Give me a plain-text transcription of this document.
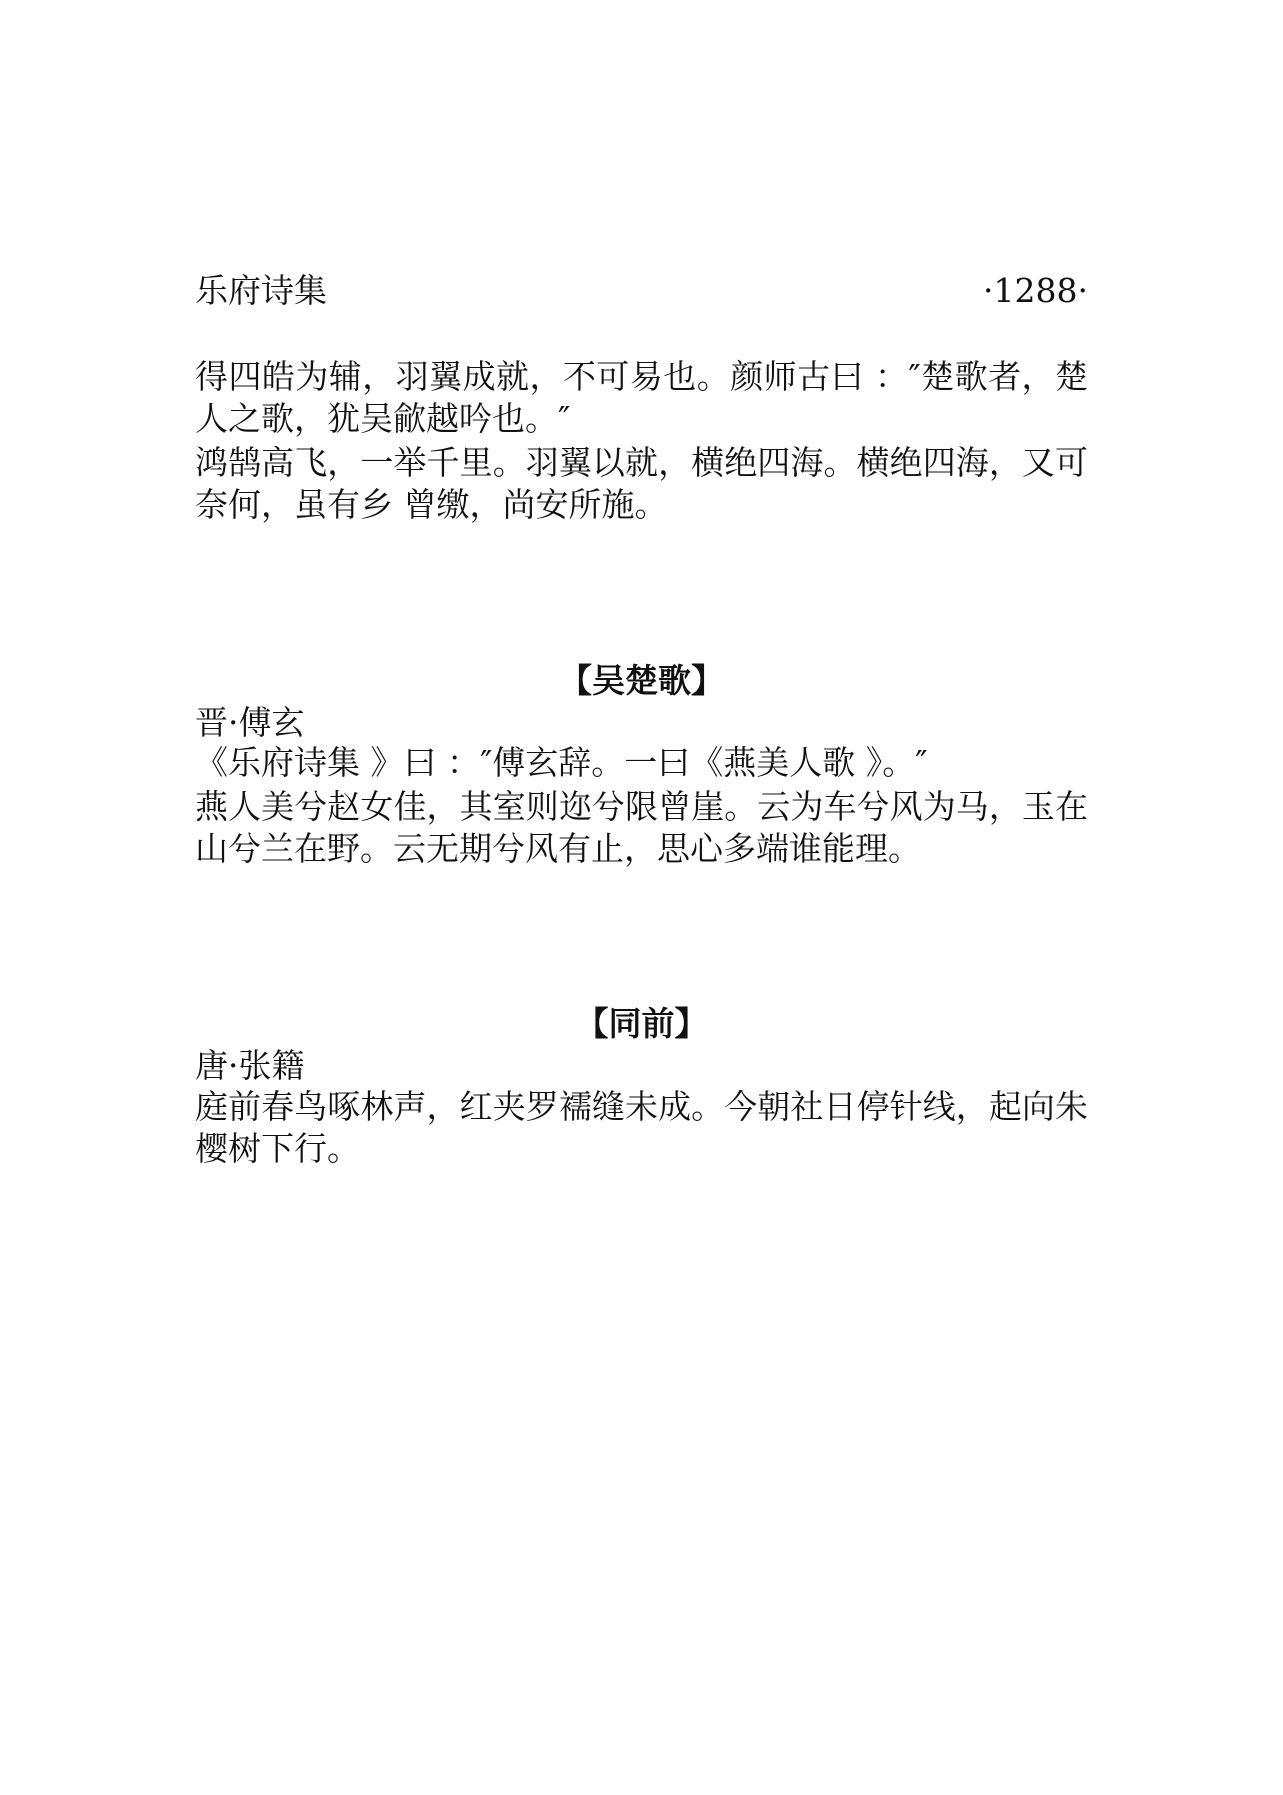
乐府诗集	·1288·

得四皓为辅，羽翼成就，不可易也。颜师古曰 ：″楚歌者，楚人之歌，犹吴歈越吟也。″

鸿鹄高飞，一举千里。羽翼以就，横绝四海。横绝四海，又可奈何，虽有乡 曾缴，尚安所施。

【吴楚歌】

晋·傅玄

《乐府诗集 》曰 ：″傅玄辞。一曰《燕美人歌 》。″

燕人美兮赵女佳，其室则迩兮限曾崖。云为车兮风为马，玉在山兮兰在野。云无期兮风有止，思心多端谁能理。

【同前】

唐·张籍

庭前春鸟啄林声，红夹罗襦缝未成。今朝社日停针线，起向朱樱树下行。
